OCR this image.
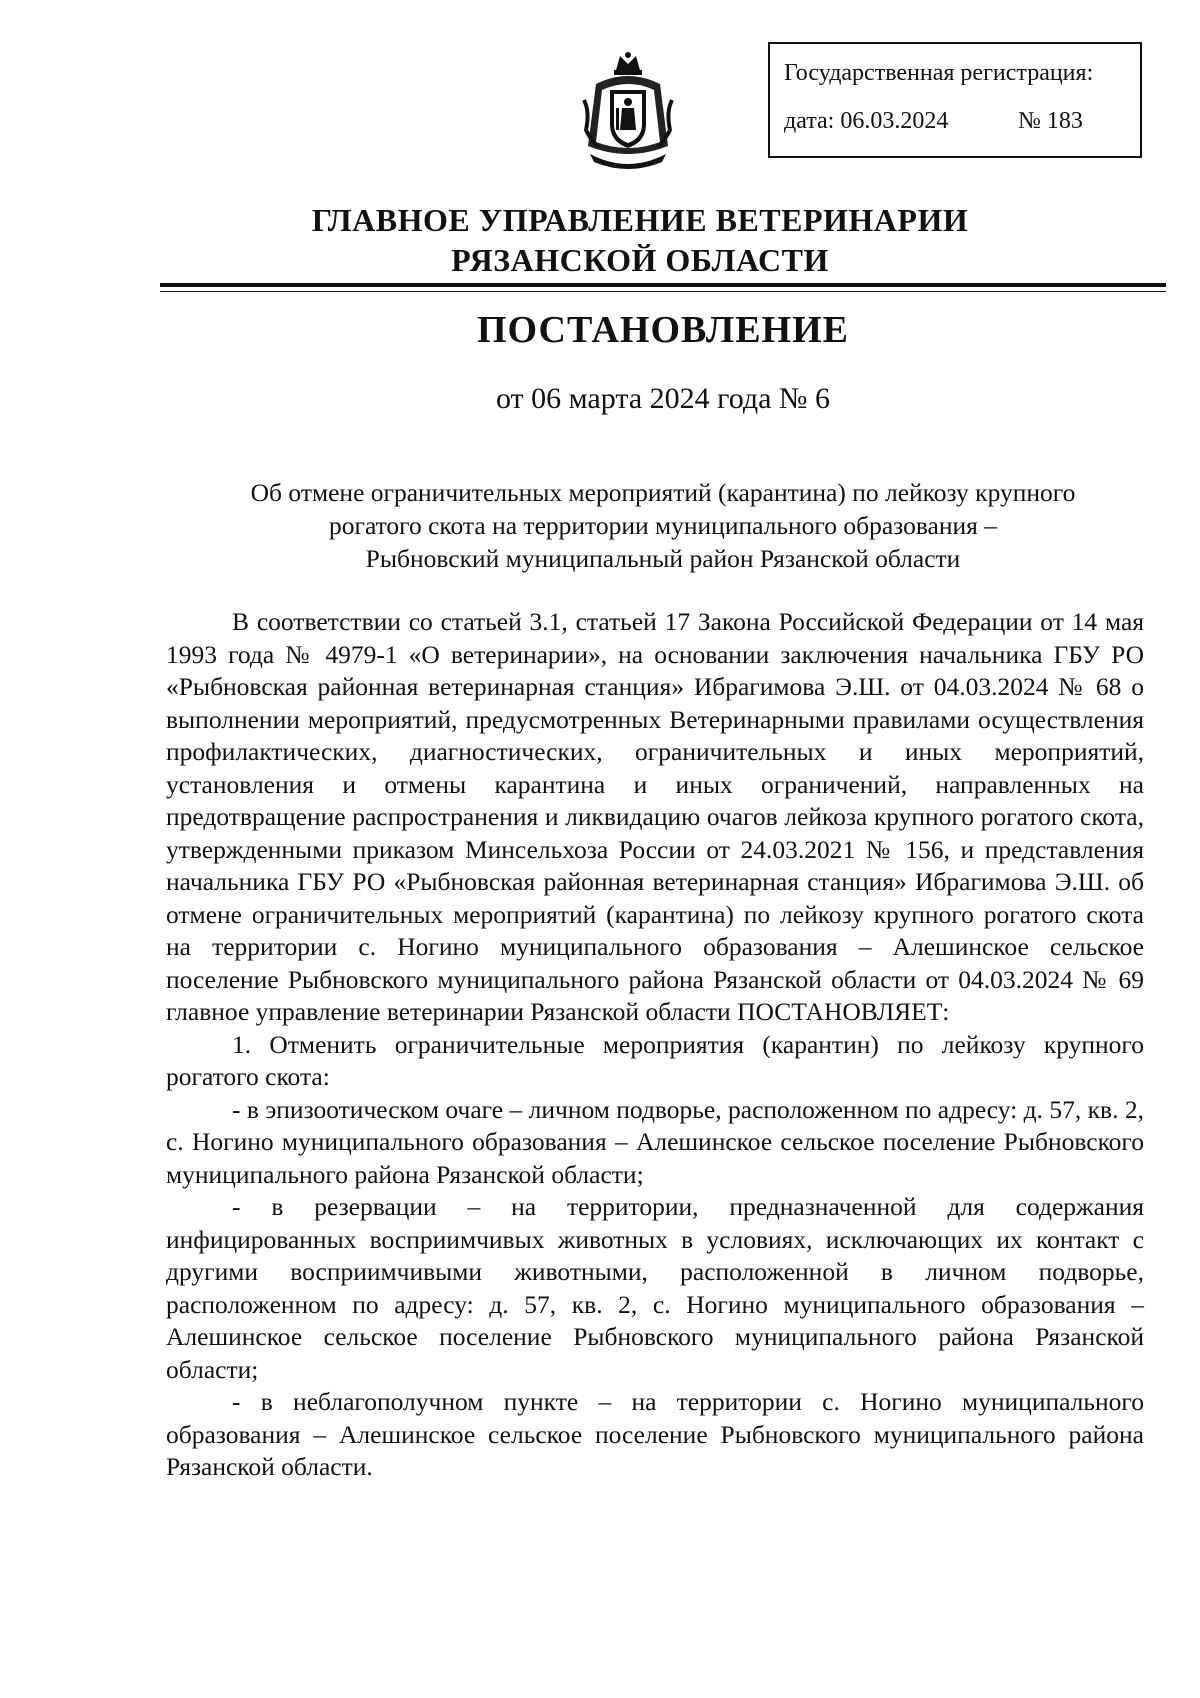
Государственная регистрация:
дата: 06.03.2024	№ 183
ГЛАВНОЕ УПРАВЛЕНИЕ ВЕТЕРИНАРИИ
РЯЗАНСКОЙ ОБЛАСТИ
ПОСТАНОВЛЕНИЕ
от 06 марта 2024 года № 6
Об отмене ограничительных мероприятий (карантина) по лейкозу крупного
рогатого скота на территории муниципального образования –
Рыбновский муниципальный район Рязанской области

В соответствии со статьей 3.1, статьей 17 Закона Российской Федерации от 14 мая 1993 года № 4979-1 «О ветеринарии», на основании заключения начальника ГБУ РО «Рыбновская районная ветеринарная станция» Ибрагимова Э.Ш. от 04.03.2024 № 68 о выполнении мероприятий, предусмотренных Ветеринарными правилами осуществления профилактических, диагностических, ограничительных и иных мероприятий, установления и отмены карантина и иных ограничений, направленных на предотвращение распространения и ликвидацию очагов лейкоза крупного рогатого скота, утвержденными приказом Минсельхоза России от 24.03.2021 № 156, и представления начальника ГБУ РО «Рыбновская районная ветеринарная станция» Ибрагимова Э.Ш. об отмене ограничительных мероприятий (карантина) по лейкозу крупного рогатого скота на территории с. Ногино муниципального образования – Алешинское сельское поселение Рыбновского муниципального района Рязанской области от 04.03.2024 № 69 главное управление ветеринарии Рязанской области ПОСТАНОВЛЯЕТ:

1. Отменить ограничительные мероприятия (карантин) по лейкозу крупного рогатого скота:

- в эпизоотическом очаге – личном подворье, расположенном по адресу: д. 57, кв. 2, с. Ногино муниципального образования – Алешинское сельское поселение Рыбновского муниципального района Рязанской области;

- в резервации – на территории, предназначенной для содержания инфицированных восприимчивых животных в условиях, исключающих их контакт с другими восприимчивыми животными, расположенной в личном подворье, расположенном по адресу: д. 57, кв. 2, с. Ногино муниципального образования – Алешинское сельское поселение Рыбновского муниципального района Рязанской области;

- в неблагополучном пункте – на территории с. Ногино муниципального образования – Алешинское сельское поселение Рыбновского муниципального района Рязанской области.
